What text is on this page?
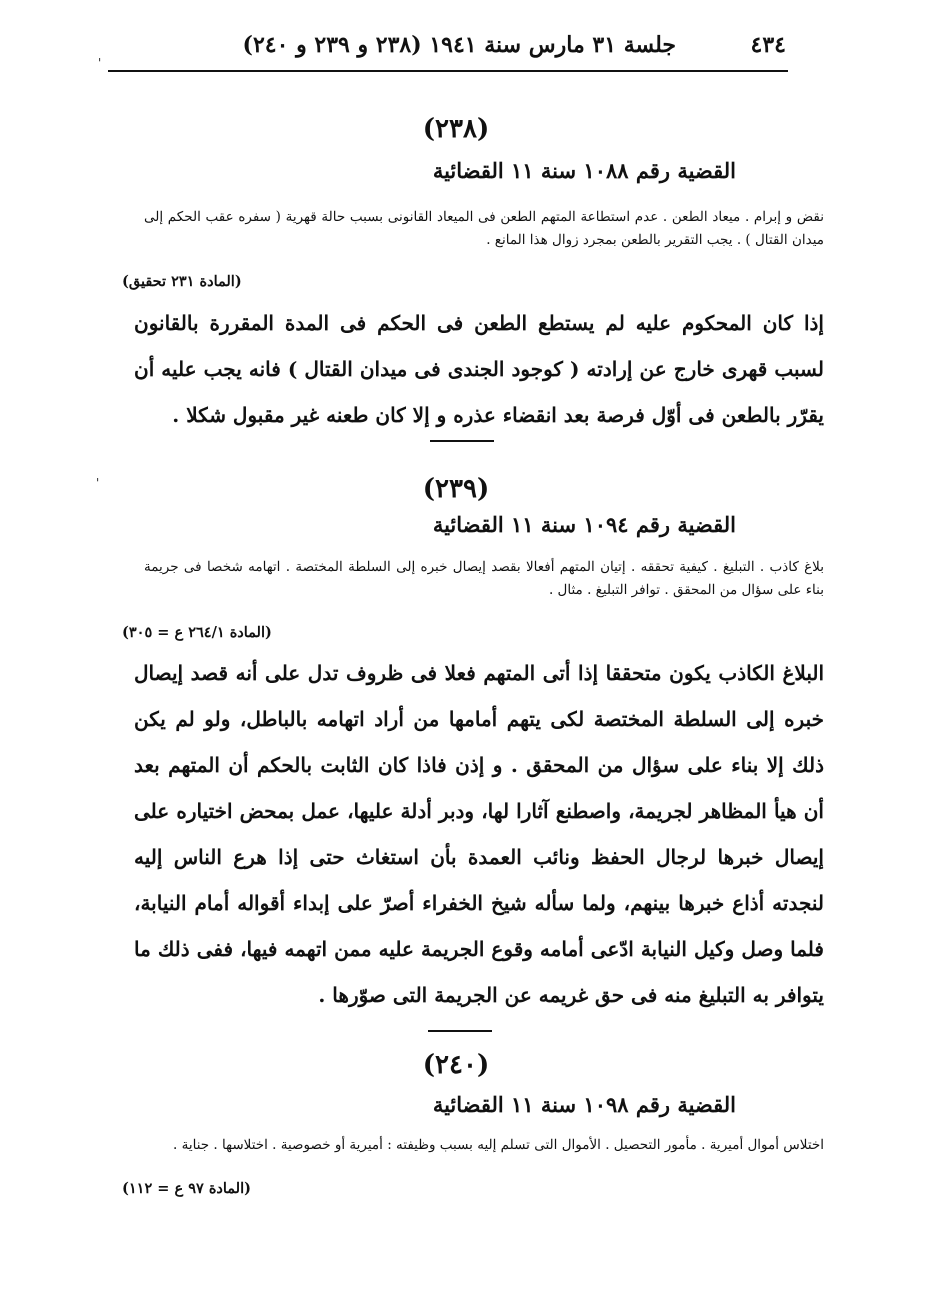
٤٣٤
جلسة ٣١ مارس سنة ١٩٤١ (٢٣٨ و ٢٣٩ و ٢٤٠)
'
'
(٢٣٨)
القضية رقم ١٠٨٨ سنة ١١ القضائية
نقض و إبرام . ميعاد الطعن . عدم استطاعة المتهم الطعن فى الميعاد القانونى بسبب حالة قهرية ( سفره عقب الحكم إلى ميدان القتال ) . يجب التقرير بالطعن بمجرد زوال هذا المانع .
(المادة ٢٣١ تحقيق)
إذا كان المحكوم عليه لم يستطع الطعن فى الحكم فى المدة المقررة بالقانون لسبب قهرى خارج عن إرادته ( كوجود الجندى فى ميدان القتال ) فانه يجب عليه أن يقرّر بالطعن فى أوّل فرصة بعد انقضاء عذره و إلا كان طعنه غير مقبول شكلا .
(٢٣٩)
القضية رقم ١٠٩٤ سنة ١١ القضائية
بلاغ كاذب . التبليغ . كيفية تحققه . إتيان المتهم أفعالا بقصد إيصال خبره إلى السلطة المختصة . اتهامه شخصا فى جريمة بناء على سؤال من المحقق . توافر التبليغ . مثال .
(المادة ٢٦٤/١ ع = ٣٠٥)
البلاغ الكاذب يكون متحققا إذا أتى المتهم فعلا فى ظروف تدل على أنه قصد إيصال خبره إلى السلطة المختصة لكى يتهم أمامها من أراد اتهامه بالباطل، ولو لم يكن ذلك إلا بناء على سؤال من المحقق . و إذن فاذا كان الثابت بالحكم أن المتهم بعد أن هيأ المظاهر لجريمة، واصطنع آثارا لها، ودبر أدلة عليها، عمل بمحض اختياره على إيصال خبرها لرجال الحفظ ونائب العمدة بأن استغاث حتى إذا هرع الناس إليه لنجدته أذاع خبرها بينهم، ولما سأله شيخ الخفراء أصرّ على إبداء أقواله أمام النيابة، فلما وصل وكيل النيابة ادّعى أمامه وقوع الجريمة عليه ممن اتهمه فيها، ففى ذلك ما يتوافر به التبليغ منه فى حق غريمه عن الجريمة التى صوّرها .
(٢٤٠)
القضية رقم ١٠٩٨ سنة ١١ القضائية
اختلاس أموال أميرية . مأمور التحصيل . الأموال التى تسلم إليه بسبب وظيفته : أميرية أو خصوصية . اختلاسها . جناية .
(المادة ٩٧ ع = ١١٢)
